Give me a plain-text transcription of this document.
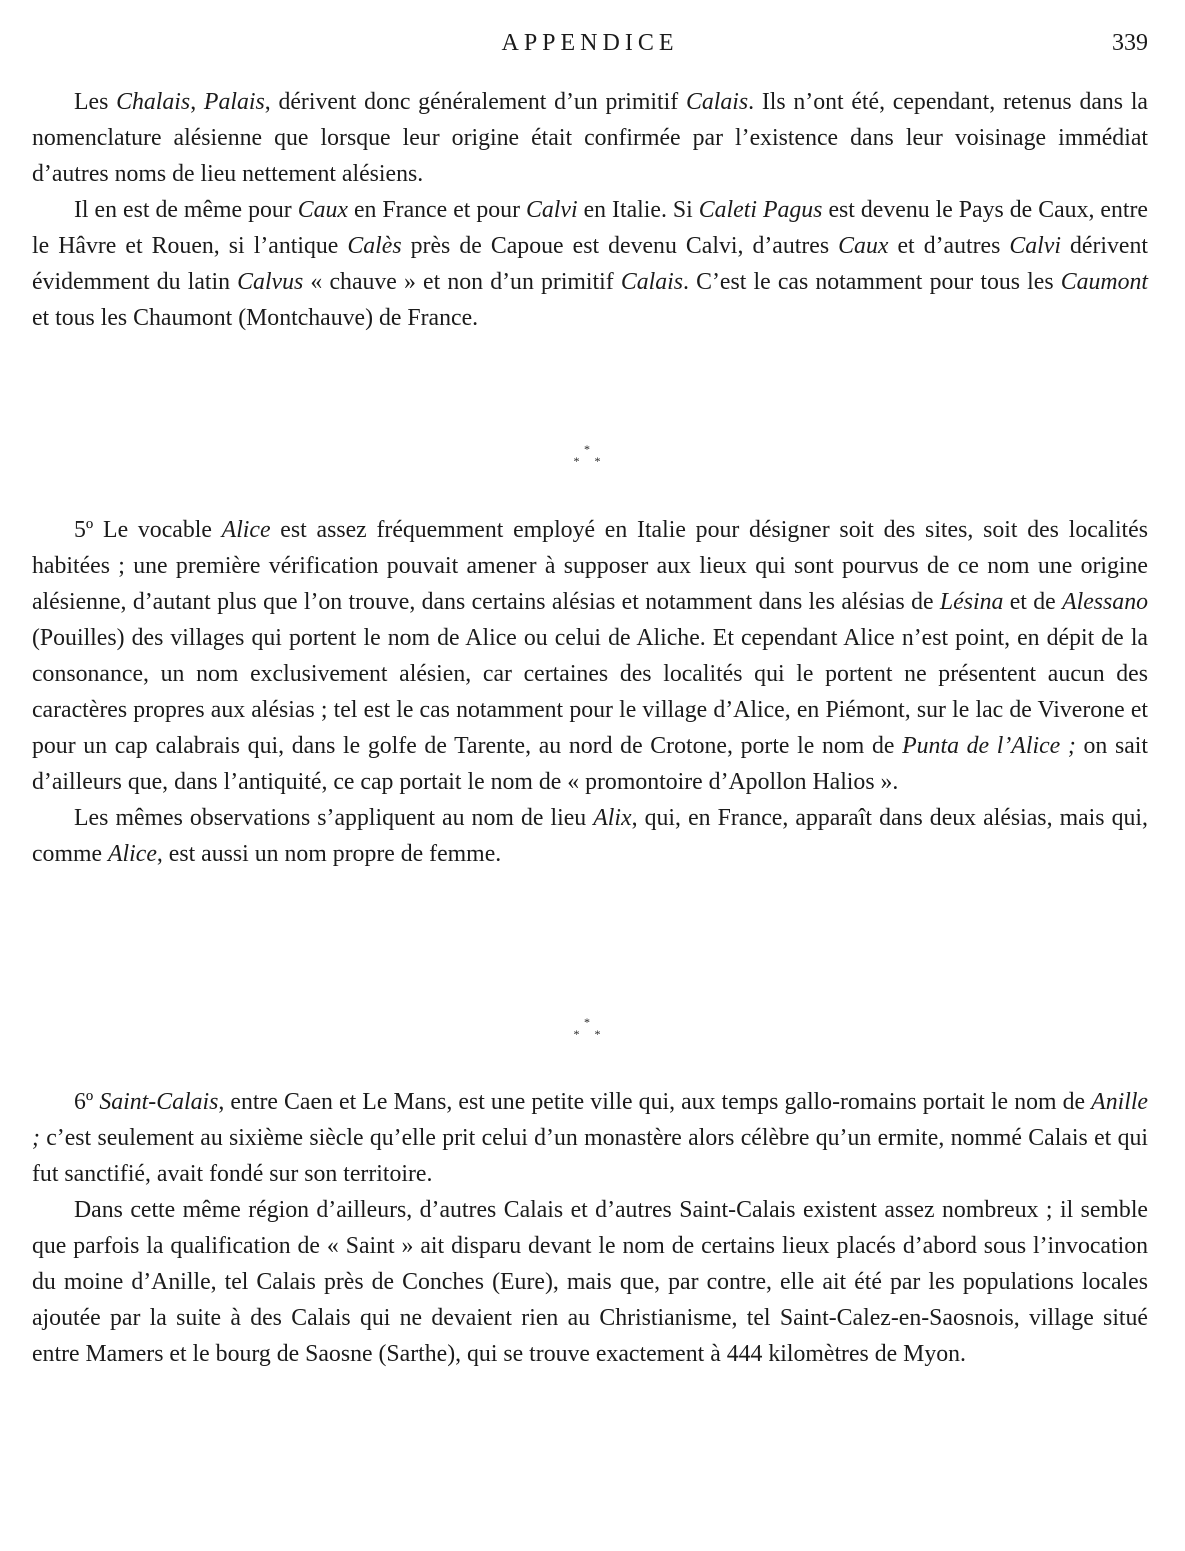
APPENDICE	339

Les Chalais, Palais, dérivent donc généralement d’un primitif Calais. Ils n’ont été, cependant, retenus dans la nomenclature alésienne que lorsque leur origine était confirmée par l’existence dans leur voisinage immédiat d’autres noms de lieu nettement alésiens.

Il en est de même pour Caux en France et pour Calvi en Italie. Si Caleti Pagus est devenu le Pays de Caux, entre le Hâvre et Rouen, si l’antique Calès près de Capoue est devenu Calvi, d’autres Caux et d’autres Calvi dérivent évidemment du latin Calvus « chauve » et non d’un primitif Calais. C’est le cas notamment pour tous les Caumont et tous les Chaumont (Montchauve) de France.

*
* *

5º Le vocable Alice est assez fréquemment employé en Italie pour désigner soit des sites, soit des localités habitées ; une première vérification pouvait amener à supposer aux lieux qui sont pourvus de ce nom une origine alésienne, d’autant plus que l’on trouve, dans certains alésias et notamment dans les alésias de Lésina et de Alessano (Pouilles) des villages qui portent le nom de Alice ou celui de Aliche. Et cependant Alice n’est point, en dépit de la consonance, un nom exclusivement alésien, car certaines des localités qui le portent ne présentent aucun des caractères propres aux alésias ; tel est le cas notamment pour le village d’Alice, en Piémont, sur le lac de Viverone et pour un cap calabrais qui, dans le golfe de Tarente, au nord de Crotone, porte le nom de Punta de l’Alice ; on sait d’ailleurs que, dans l’antiquité, ce cap portait le nom de « promontoire d’Apollon Halios ».

Les mêmes observations s’appliquent au nom de lieu Alix, qui, en France, apparaît dans deux alésias, mais qui, comme Alice, est aussi un nom propre de femme.

*
* *

6º Saint-Calais, entre Caen et Le Mans, est une petite ville qui, aux temps gallo-romains portait le nom de Anille ; c’est seulement au sixième siècle qu’elle prit celui d’un monastère alors célèbre qu’un ermite, nommé Calais et qui fut sanctifié, avait fondé sur son territoire.

Dans cette même région d’ailleurs, d’autres Calais et d’autres Saint-Calais existent assez nombreux ; il semble que parfois la qualification de « Saint » ait disparu devant le nom de certains lieux placés d’abord sous l’invocation du moine d’Anille, tel Calais près de Conches (Eure), mais que, par contre, elle ait été par les populations locales ajoutée par la suite à des Calais qui ne devaient rien au Christianisme, tel Saint-Calez-en-Saosnois, village situé entre Mamers et le bourg de Saosne (Sarthe), qui se trouve exactement à 444 kilomètres de Myon.
